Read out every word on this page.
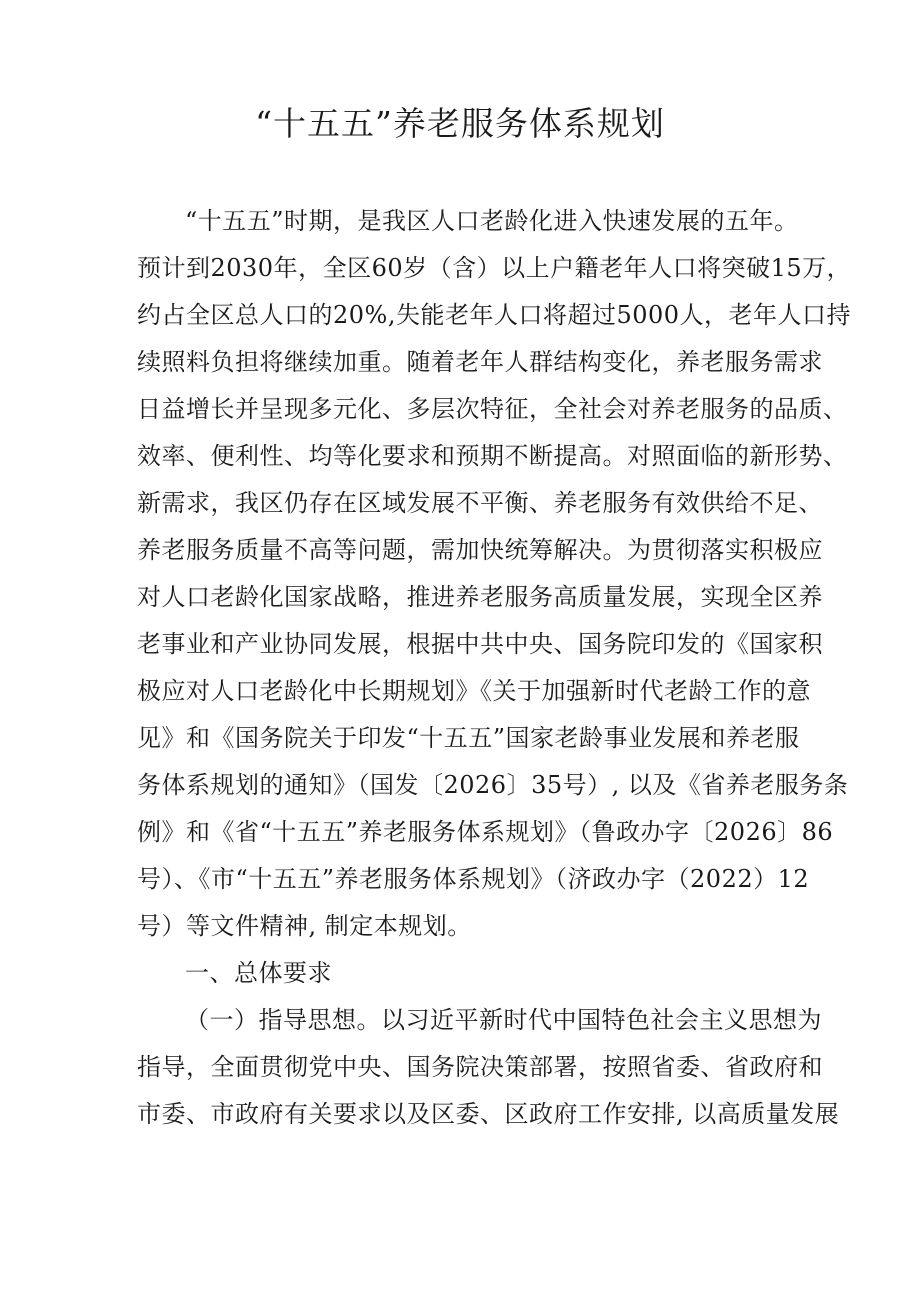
“十五五”养老服务体系规划
“十五五”时期，是我区人口老龄化进入快速发展的五年。
预计到2030年，全区60岁（含）以上户籍老年人口将突破15万，
约占全区总人口的20%,失能老年人口将超过5000人，老年人口持
续照料负担将继续加重。随着老年人群结构变化，养老服务需求
日益增长并呈现多元化、多层次特征，全社会对养老服务的品质、
效率、便利性、均等化要求和预期不断提高。对照面临的新形势、
新需求，我区仍存在区域发展不平衡、养老服务有效供给不足、
养老服务质量不高等问题，需加快统筹解决。为贯彻落实积极应
对人口老龄化国家战略，推进养老服务高质量发展，实现全区养
老事业和产业协同发展，根据中共中央、国务院印发的《国家积
极应对人口老龄化中长期规划》《关于加强新时代老龄工作的意
见》和《国务院关于印发“十五五”国家老龄事业发展和养老服
务体系规划的通知》（国发〔2026〕35号）, 以及《省养老服务条
例》和《省“十五五”养老服务体系规划》（鲁政办字〔2026〕86
号）、《市“十五五”养老服务体系规划》（济政办字（2022）12
号）等文件精神, 制定本规划。
一、总体要求
（一）指导思想。以习近平新时代中国特色社会主义思想为
指导，全面贯彻党中央、国务院决策部署，按照省委、省政府和
市委、市政府有关要求以及区委、区政府工作安排, 以高质量发展
